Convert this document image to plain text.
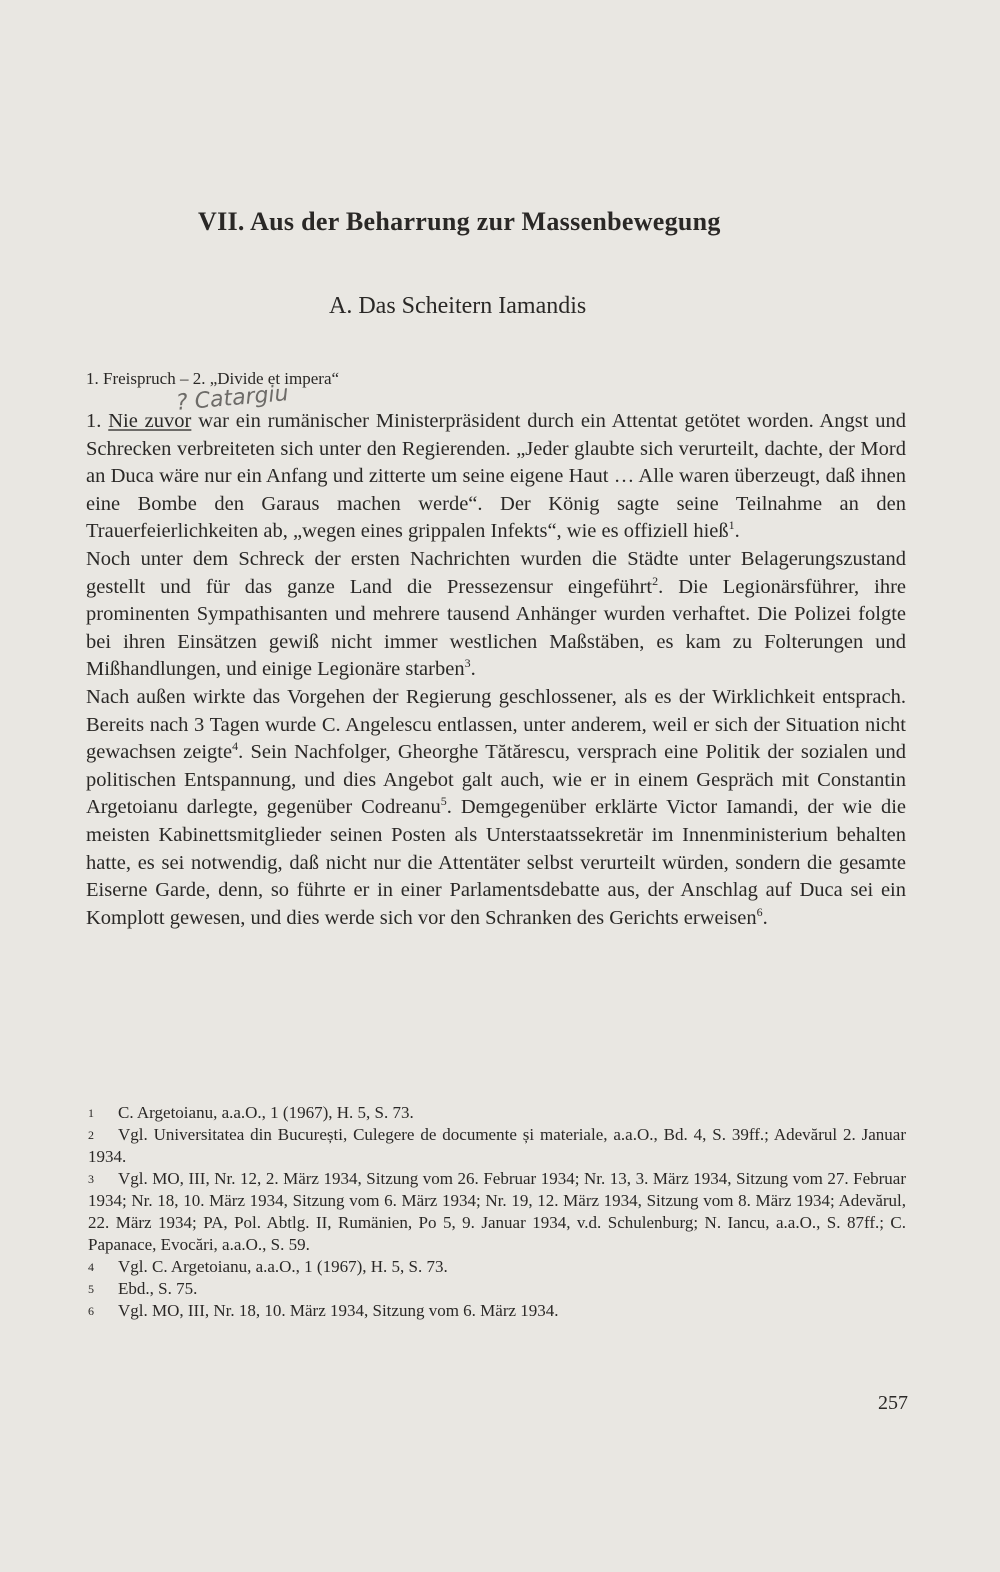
VII. Aus der Beharrung zur Massenbewegung
A. Das Scheitern Iamandis
1. Freispruch – 2. „Divide et impera“
? Catargiu

1. Nie zuvor war ein rumänischer Ministerpräsident durch ein Attentat getötet worden. Angst und Schrecken verbreiteten sich unter den Regierenden. „Jeder glaubte sich verurteilt, dachte, der Mord an Duca wäre nur ein Anfang und zitterte um seine eigene Haut … Alle waren überzeugt, daß ihnen eine Bombe den Garaus machen werde“. Der König sagte seine Teilnahme an den Trauerfeierlichkeiten ab, „wegen eines grippalen Infekts“, wie es offiziell hieß$^1$.

Noch unter dem Schreck der ersten Nachrichten wurden die Städte unter Belagerungszustand gestellt und für das ganze Land die Pressezensur eingeführt$^2$. Die Legionärsführer, ihre prominenten Sympathisanten und mehrere tausend Anhänger wurden verhaftet. Die Polizei folgte bei ihren Einsätzen gewiß nicht immer westlichen Maßstäben, es kam zu Folterungen und Mißhandlungen, und einige Legionäre starben$^3$.

Nach außen wirkte das Vorgehen der Regierung geschlossener, als es der Wirklichkeit entsprach. Bereits nach 3 Tagen wurde C. Angelescu entlassen, unter anderem, weil er sich der Situation nicht gewachsen zeigte$^4$. Sein Nachfolger, Gheorghe Tătărescu, versprach eine Politik der sozialen und politischen Entspannung, und dies Angebot galt auch, wie er in einem Gespräch mit Constantin Argetoianu darlegte, gegenüber Codreanu$^5$. Demgegenüber erklärte Victor Iamandi, der wie die meisten Kabinettsmitglieder seinen Posten als Unterstaatssekretär im Innenministerium behalten hatte, es sei notwendig, daß nicht nur die Attentäter selbst verurteilt würden, sondern die gesamte Eiserne Garde, denn, so führte er in einer Parlamentsdebatte aus, der Anschlag auf Duca sei ein Komplott gewesen, und dies werde sich vor den Schranken des Gerichts erweisen$^6$.

1 C. Argetoianu, a.a.O., 1 (1967), H. 5, S. 73.

2 Vgl. Universitatea din București, Culegere de documente și materiale, a.a.O., Bd. 4, S. 39ff.; Adevărul 2. Januar 1934.

3 Vgl. MO, III, Nr. 12, 2. März 1934, Sitzung vom 26. Februar 1934; Nr. 13, 3. März 1934, Sitzung vom 27. Februar 1934; Nr. 18, 10. März 1934, Sitzung vom 6. März 1934; Nr. 19, 12. März 1934, Sitzung vom 8. März 1934; Adevărul, 22. März 1934; PA, Pol. Abtlg. II, Rumänien, Po 5, 9. Januar 1934, v.d. Schulenburg; N. Iancu, a.a.O., S. 87ff.; C. Papanace, Evocări, a.a.O., S. 59.

4 Vgl. C. Argetoianu, a.a.O., 1 (1967), H. 5, S. 73.

5 Ebd., S. 75.

6 Vgl. MO, III, Nr. 18, 10. März 1934, Sitzung vom 6. März 1934.

257
